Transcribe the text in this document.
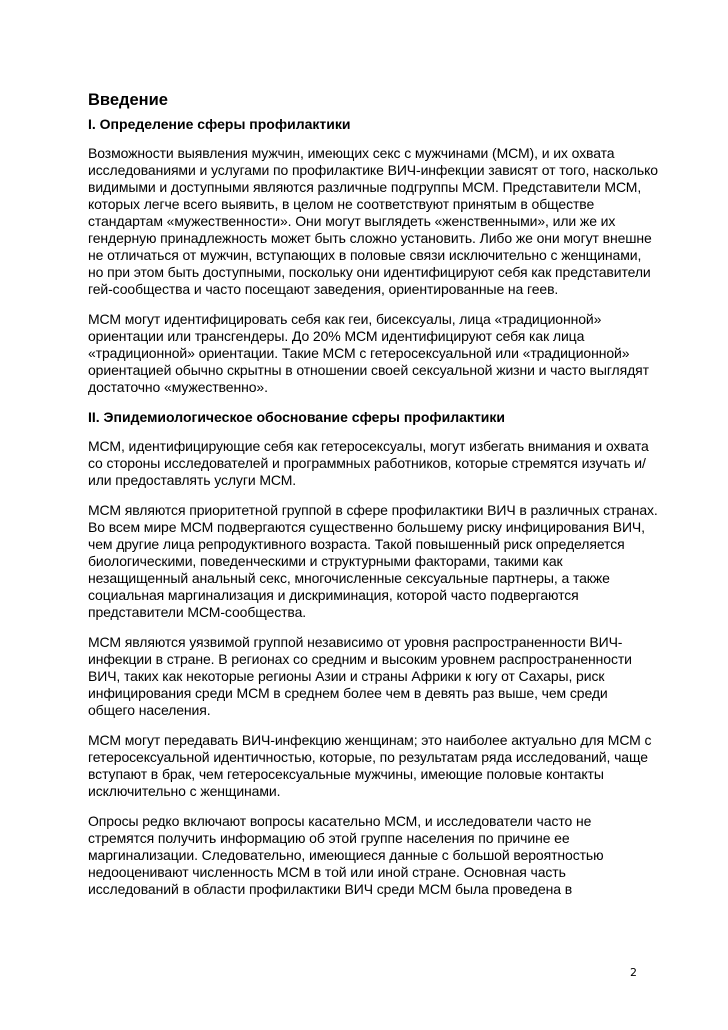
Введение
I. Определение сферы профилактики

Возможности выявления мужчин, имеющих секс с мужчинами (МСМ), и их охвата исследованиями и услугами по профилактике ВИЧ-инфекции зависят от того, насколько видимыми и доступными являются различные подгруппы МСМ. Представители МСМ, которых легче всего выявить, в целом не соответствуют принятым в обществе стандартам «мужественности». Они могут выглядеть «женственными», или же их гендерную принадлежность может быть сложно установить. Либо же они могут внешне не отличаться от мужчин, вступающих в половые связи исключительно с женщинами, но при этом быть доступными, поскольку они идентифицируют себя как представители гей-сообщества и часто посещают заведения, ориентированные на геев.

МСМ могут идентифицировать себя как геи, бисексуалы, лица «традиционной» ориентации или трансгендеры. До 20% МСМ идентифицируют себя как лица «традиционной» ориентации. Такие МСМ с гетеросексуальной или «традиционной» ориентацией обычно скрытны в отношении своей сексуальной жизни и часто выглядят достаточно «мужественно».

II. Эпидемиологическое обоснование сферы профилактики

МСМ, идентифицирующие себя как гетеросексуалы, могут избегать внимания и охвата со стороны исследователей и программных работников, которые стремятся изучать и/или предоставлять услуги МСМ.

МСМ являются приоритетной группой в сфере профилактики ВИЧ в различных странах. Во всем мире МСМ подвергаются существенно большему риску инфицирования ВИЧ, чем другие лица репродуктивного возраста. Такой повышенный риск определяется биологическими, поведенческими и структурными факторами, такими как незащищенный анальный секс, многочисленные сексуальные партнеры, а также социальная маргинализация и дискриминация, которой часто подвергаются представители МСМ-сообщества.

МСМ являются уязвимой группой независимо от уровня распространенности ВИЧ-инфекции в стране. В регионах со средним и высоким уровнем распространенности ВИЧ, таких как некоторые регионы Азии и страны Африки к югу от Сахары, риск инфицирования среди МСМ в среднем более чем в девять раз выше, чем среди общего населения.

МСМ могут передавать ВИЧ-инфекцию женщинам; это наиболее актуально для МСМ с гетеросексуальной идентичностью, которые, по результатам ряда исследований, чаще вступают в брак, чем гетеросексуальные мужчины, имеющие половые контакты исключительно с женщинами.

Опросы редко включают вопросы касательно МСМ, и исследователи часто не стремятся получить информацию об этой группе населения по причине ее маргинализации. Следовательно, имеющиеся данные с большой вероятностью недооценивают численность МСМ в той или иной стране. Основная часть исследований в области профилактики ВИЧ среди МСМ была проведена в

2
